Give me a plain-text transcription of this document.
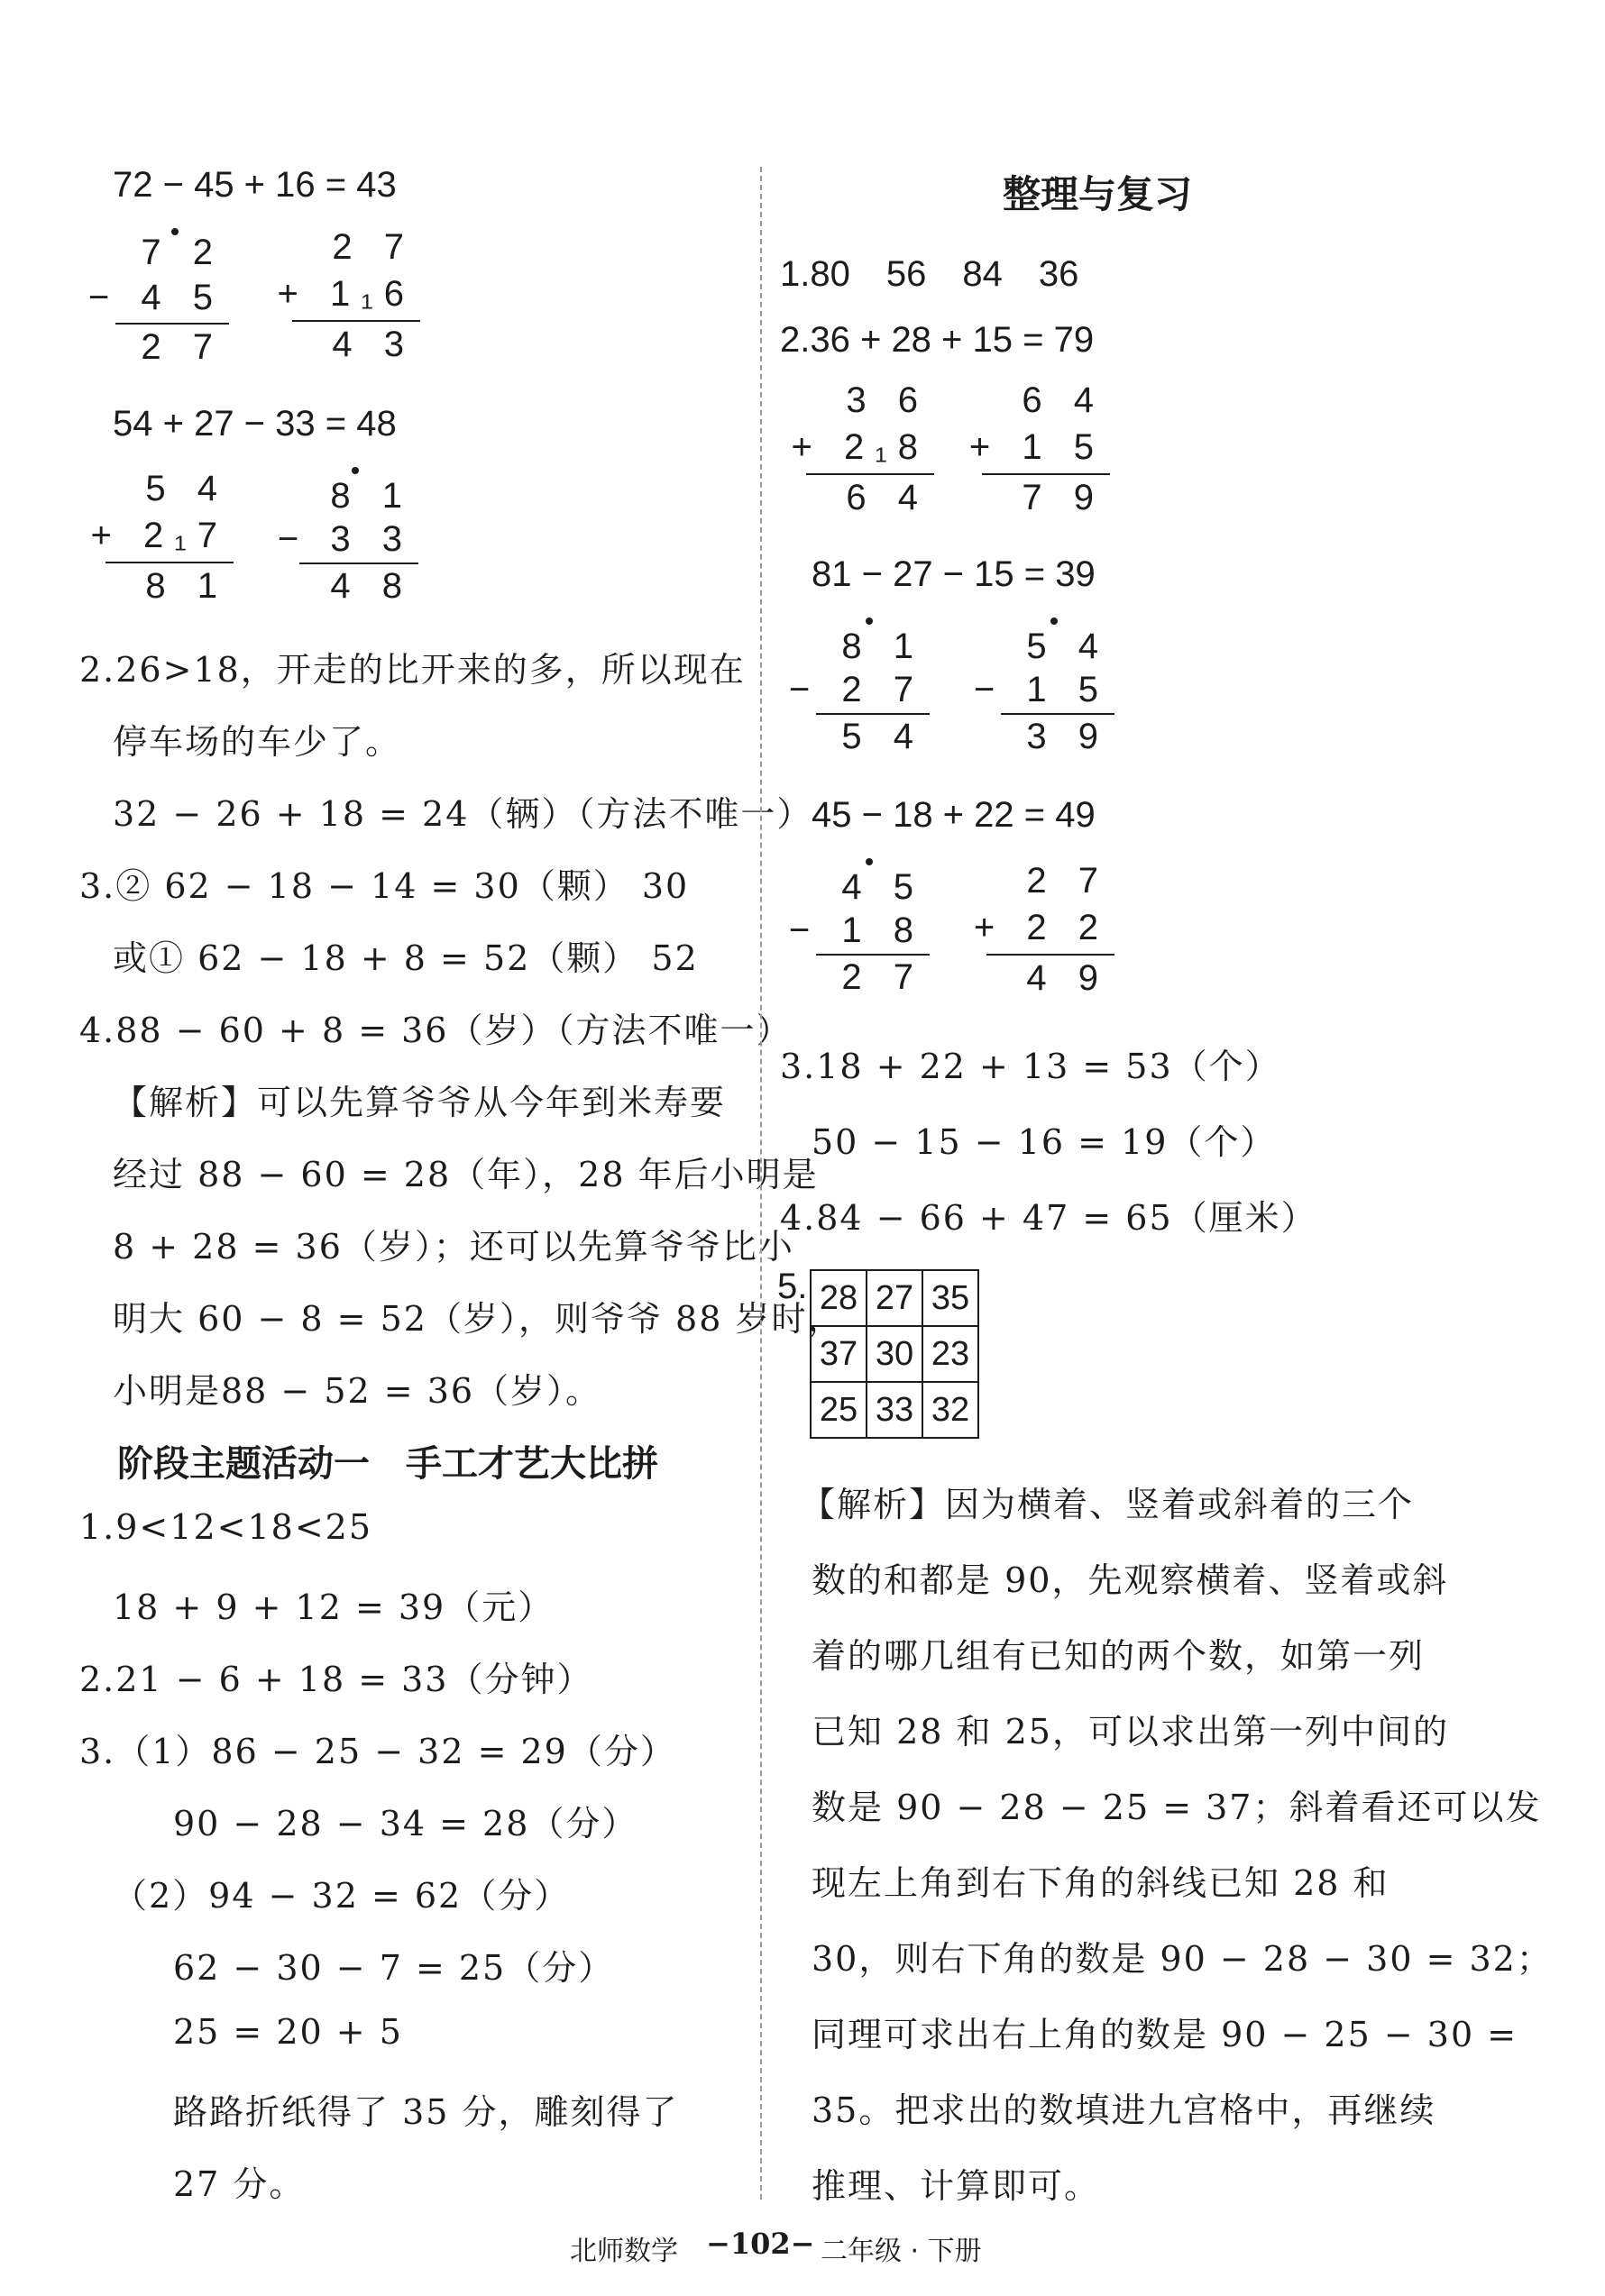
72 − 45 + 16 = 43
7 2
− 4 5
2 7
2 7
+ 1₁6
4 3
54 + 27 − 33 = 48
5 4
+ 2₁7
8 1
8 1
− 3 3
4 8
2.26>18，开走的比开来的多，所以现在
停车场的车少了。
32 − 26 + 18 = 24（辆）（方法不唯一）
3.② 62 − 18 − 14 = 30（颗） 30
或① 62 − 18 + 8 = 52（颗） 52
4.88 − 60 + 8 = 36（岁）（方法不唯一）
【解析】可以先算爷爷从今年到米寿要
经过 88 − 60 = 28（年），28 年后小明是
8 + 28 = 36（岁）；还可以先算爷爷比小
明大 60 − 8 = 52（岁），则爷爷 88 岁时，
小明是88 − 52 = 36（岁）。
阶段主题活动一　手工才艺大比拼
1.9<12<18<25
18 + 9 + 12 = 39（元）
2.21 − 6 + 18 = 33（分钟）
3.（1）86 − 25 − 32 = 29（分）
90 − 28 − 34 = 28（分）
（2）94 − 32 = 62（分）
62 − 30 − 7 = 25（分）
25 = 20 + 5
路路折纸得了 35 分，雕刻得了
27 分。
整理与复习
1.80　56　84　36
2.36 + 28 + 15 = 79
3 6
+ 2₁8
6 4
6 4
+ 1 5
7 9
81 − 27 − 15 = 39
8 1
− 2 7
5 4
5 4
− 1 5
3 9
45 − 18 + 22 = 49
4 5
− 1 8
2 7
2 7
+ 2 2
4 9
3.18 + 22 + 13 = 53（个）
50 − 15 − 16 = 19（个）
4.84 − 66 + 47 = 65（厘米）
5. 28	27	35
37	30	23
25	33	32
【解析】因为横着、竖着或斜着的三个
数的和都是 90，先观察横着、竖着或斜
着的哪几组有已知的两个数，如第一列
已知 28 和 25，可以求出第一列中间的
数是 90 − 28 − 25 = 37；斜着看还可以发
现左上角到右下角的斜线已知 28 和
30，则右下角的数是 90 − 28 − 30 = 32；
同理可求出右上角的数是 90 − 25 − 30 =
35。把求出的数填进九宫格中，再继续
推理、计算即可。
北师数学 −102− 二年级 · 下册
